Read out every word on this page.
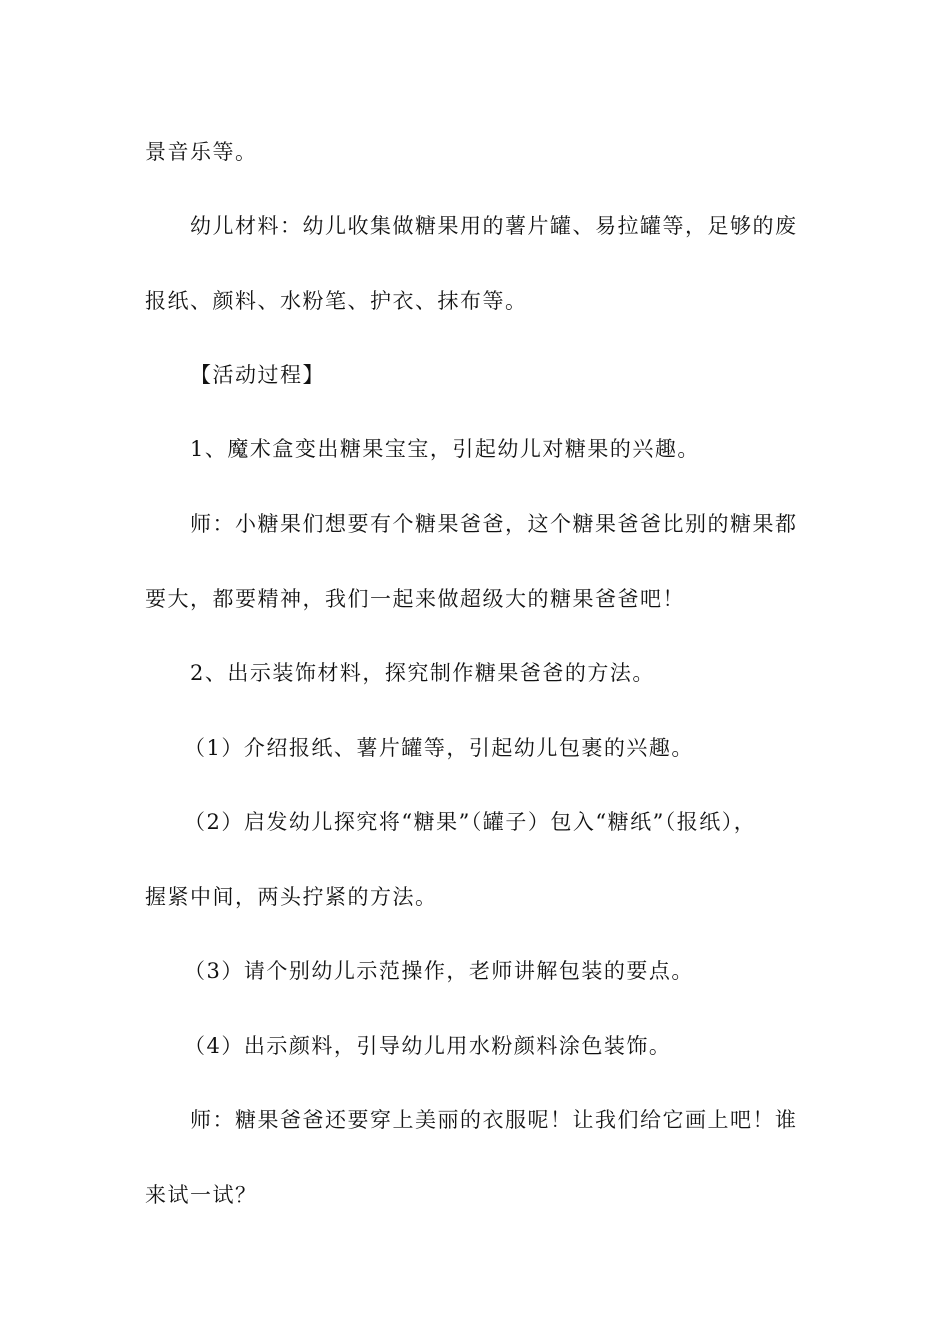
景音乐等。
幼儿材料：幼儿收集做糖果用的薯片罐、易拉罐等，足够的废
报纸、颜料、水粉笔、护衣、抹布等。
【活动过程】
1、魔术盒变出糖果宝宝，引起幼儿对糖果的兴趣。
师：小糖果们想要有个糖果爸爸，这个糖果爸爸比别的糖果都
要大，都要精神，我们一起来做超级大的糖果爸爸吧！
2、出示装饰材料，探究制作糖果爸爸的方法。
（1）介绍报纸、薯片罐等，引起幼儿包裹的兴趣。
（2）启发幼儿探究将“糖果”（罐子）包入“糖纸”（报纸），
握紧中间，两头拧紧的方法。
（3）请个别幼儿示范操作，老师讲解包装的要点。
（4）出示颜料，引导幼儿用水粉颜料涂色装饰。
师：糖果爸爸还要穿上美丽的衣服呢！让我们给它画上吧！谁
来试一试？
